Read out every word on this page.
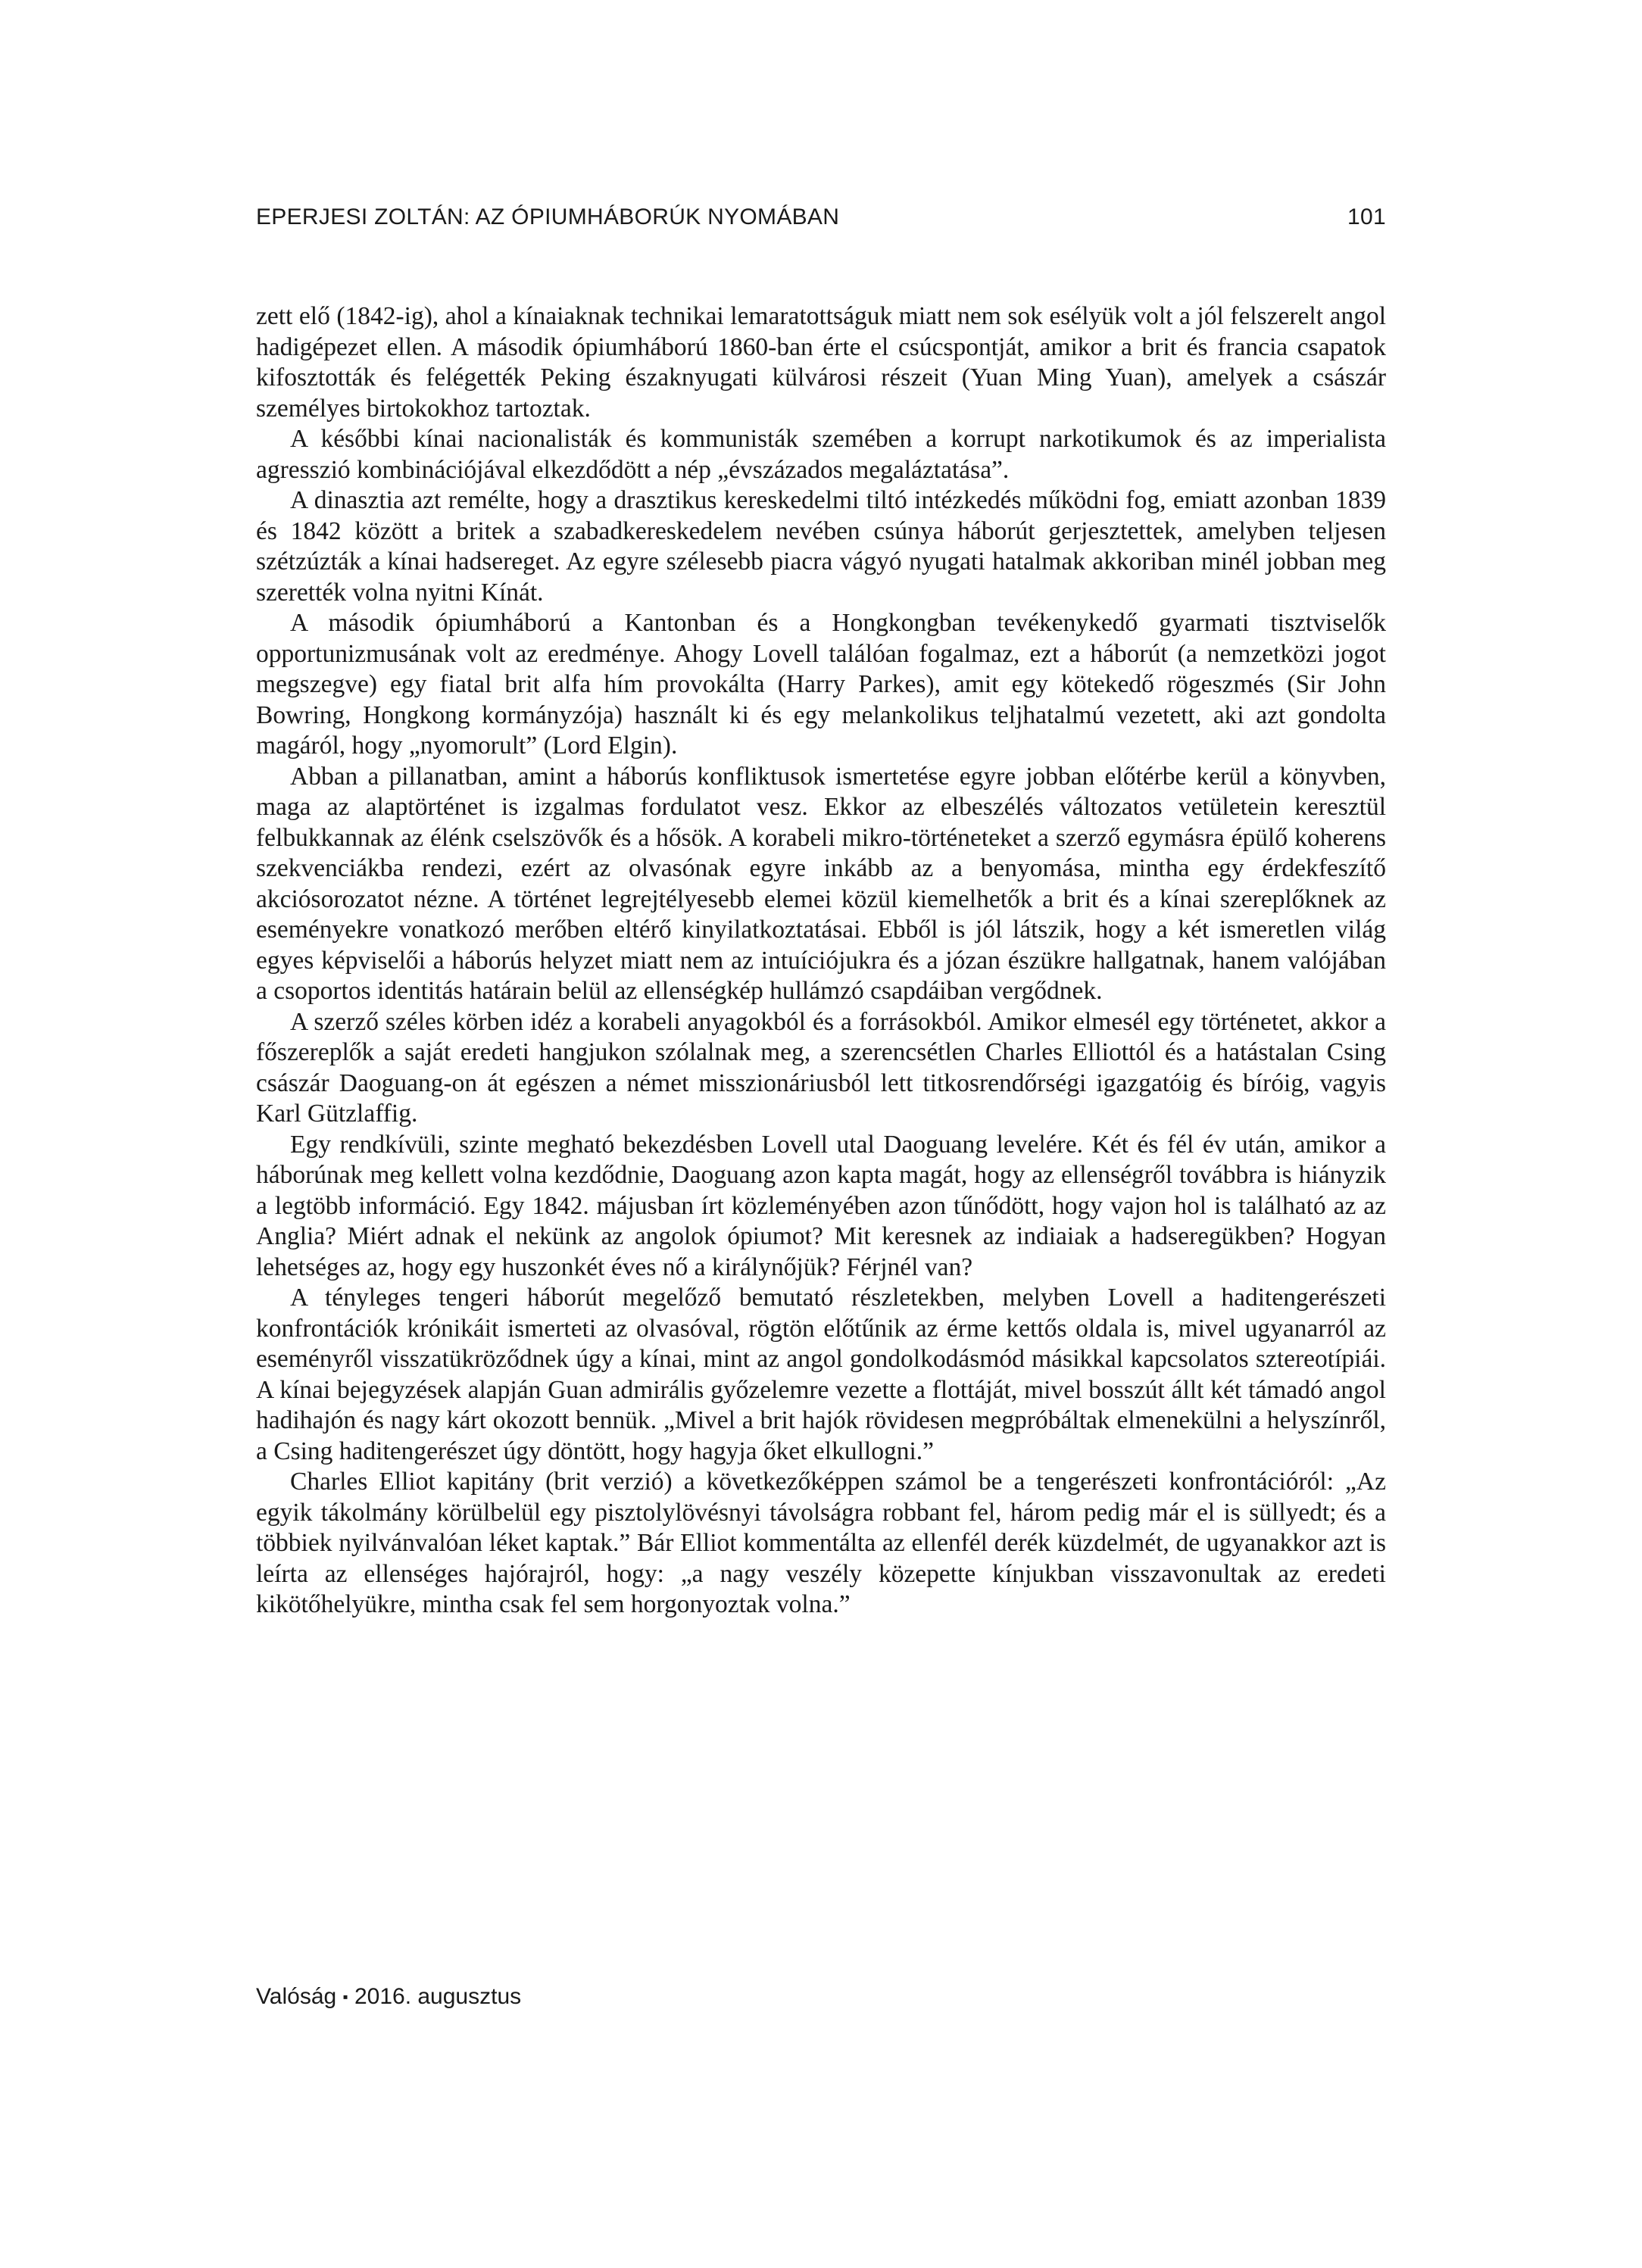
EPERJESI ZOLTÁN: AZ ÓPIUMHÁBORÚK NYOMÁBAN	101

zett elő (1842-ig), ahol a kínaiaknak technikai lemaratottságuk miatt nem sok esélyük volt a jól felszerelt angol hadigépezet ellen. A második ópiumháború 1860-ban érte el csúcspontját, amikor a brit és francia csapatok kifosztották és felégették Peking északnyugati külvárosi részeit (Yuan Ming Yuan), amelyek a császár személyes birtokokhoz tartoztak.

A későbbi kínai nacionalisták és kommunisták szemében a korrupt narkotikumok és az imperialista agresszió kombinációjával elkezdődött a nép „évszázados megaláztatása”.

A dinasztia azt remélte, hogy a drasztikus kereskedelmi tiltó intézkedés működni fog, emiatt azonban 1839 és 1842 között a britek a szabadkereskedelem nevében csúnya háborút gerjesztettek, amelyben teljesen szétzúzták a kínai hadsereget. Az egyre szélesebb piacra vágyó nyugati hatalmak akkoriban minél jobban meg szerették volna nyitni Kínát.

A második ópiumháború a Kantonban és a Hongkongban tevékenykedő gyarmati tisztviselők opportunizmusának volt az eredménye. Ahogy Lovell találóan fogalmaz, ezt a háborút (a nemzetközi jogot megszegve) egy fiatal brit alfa hím provokálta (Harry Parkes), amit egy kötekedő rögeszmés (Sir John Bowring, Hongkong kormányzója) használt ki és egy melankolikus teljhatalmú vezetett, aki azt gondolta magáról, hogy „nyomorult” (Lord Elgin).

Abban a pillanatban, amint a háborús konfliktusok ismertetése egyre jobban előtérbe kerül a könyvben, maga az alaptörténet is izgalmas fordulatot vesz. Ekkor az elbeszélés változatos vetületein keresztül felbukkannak az élénk cselszövők és a hősök. A korabeli mikro-történeteket a szerző egymásra épülő koherens szekvenciákba rendezi, ezért az olvasónak egyre inkább az a benyomása, mintha egy érdekfeszítő akciósorozatot nézne. A történet legrejtélyesebb elemei közül kiemelhetők a brit és a kínai szereplőknek az eseményekre vonatkozó merőben eltérő kinyilatkoztatásai. Ebből is jól látszik, hogy a két ismeretlen világ egyes képviselői a háborús helyzet miatt nem az intuíciójukra és a józan észükre hallgatnak, hanem valójában a csoportos identitás határain belül az ellenségkép hullámzó csapdáiban vergődnek.

A szerző széles körben idéz a korabeli anyagokból és a forrásokból. Amikor elmesél egy történetet, akkor a főszereplők a saját eredeti hangjukon szólalnak meg, a szerencsétlen Charles Elliottól és a hatástalan Csing császár Daoguang-on át egészen a német misszionáriusból lett titkosrendőrségi igazgatóig és bíróig, vagyis Karl Gützlaffig.

Egy rendkívüli, szinte megható bekezdésben Lovell utal Daoguang levelére. Két és fél év után, amikor a háborúnak meg kellett volna kezdődnie, Daoguang azon kapta magát, hogy az ellenségről továbbra is hiányzik a legtöbb információ. Egy 1842. májusban írt közleményében azon tűnődött, hogy vajon hol is található az az Anglia? Miért adnak el nekünk az angolok ópiumot? Mit keresnek az indiaiak a hadseregükben? Hogyan lehetséges az, hogy egy huszonkét éves nő a királynőjük? Férjnél van?

A tényleges tengeri háborút megelőző bemutató részletekben, melyben Lovell a haditengerészeti konfrontációk krónikáit ismerteti az olvasóval, rögtön előtűnik az érme kettős oldala is, mivel ugyanarról az eseményről visszatükröződnek úgy a kínai, mint az angol gondolkodásmód másikkal kapcsolatos sztereotípiái. A kínai bejegyzések alapján Guan admirális győzelemre vezette a flottáját, mivel bosszút állt két támadó angol hadihajón és nagy kárt okozott bennük. „Mivel a brit hajók rövidesen megpróbáltak elmenekülni a helyszínről, a Csing haditengerészet úgy döntött, hogy hagyja őket elkullogni.”

Charles Elliot kapitány (brit verzió) a következőképpen számol be a tengerészeti konfrontációról: „Az egyik tákolmány körülbelül egy pisztolylövésnyi távolságra robbant fel, három pedig már el is süllyedt; és a többiek nyilvánvalóan léket kaptak.” Bár Elliot kommentálta az ellenfél derék küzdelmét, de ugyanakkor azt is leírta az ellenséges hajórajról, hogy: „a nagy veszély közepette kínjukban visszavonultak az eredeti kikötőhelyükre, mintha csak fel sem horgonyoztak volna.”

Valóság ▪ 2016. augusztus
